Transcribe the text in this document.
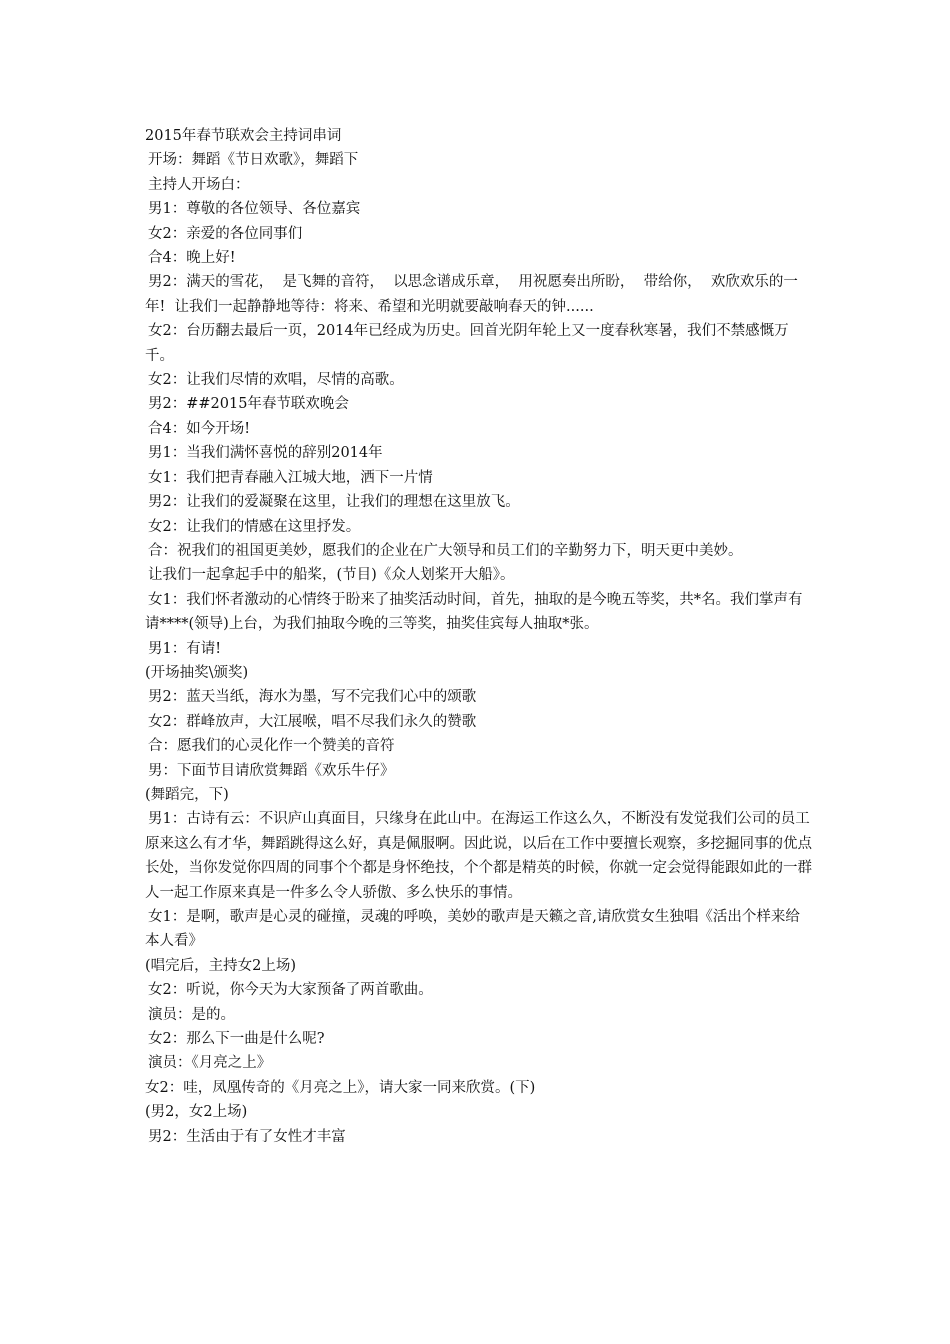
2015年春节联欢会主持词串词

开场：舞蹈《节日欢歌》，舞蹈下

主持人开场白：

男1：尊敬的各位领导、各位嘉宾

女2：亲爱的各位同事们

合4：晚上好!

男2：满天的雪花，  是飞舞的音符，  以思念谱成乐章，  用祝愿奏出所盼，  带给你，  欢欣欢乐的一年!  让我们一起静静地等待：将来、希望和光明就要敲响春天的钟......

女2：台历翻去最后一页，2014年已经成为历史。回首光阴年轮上又一度春秋寒暑，我们不禁感慨万千。

女2：让我们尽情的欢唱，尽情的高歌。

男2：##2015年春节联欢晚会

合4：如今开场!

男1：当我们满怀喜悦的辞别2014年

女1：我们把青春融入江城大地，洒下一片情

男2：让我们的爱凝聚在这里，让我们的理想在这里放飞。

女2：让我们的情感在这里抒发。

合：祝我们的祖国更美妙，愿我们的企业在广大领导和员工们的辛勤努力下，明天更中美妙。

让我们一起拿起手中的船桨，(节目)《众人划桨开大船》。

女1：我们怀者激动的心情终于盼来了抽奖活动时间，首先，抽取的是今晚五等奖，共*名。我们掌声有请****(领导)上台，为我们抽取今晚的三等奖，抽奖佳宾每人抽取*张。

男1：有请!

(开场抽奖\颁奖)

男2：蓝天当纸，海水为墨，写不完我们心中的颂歌

女2：群峰放声，大江展喉，唱不尽我们永久的赞歌

合：愿我们的心灵化作一个赞美的音符

男：下面节目请欣赏舞蹈《欢乐牛仔》

(舞蹈完，下)

男1：古诗有云：不识庐山真面目，只缘身在此山中。在海运工作这么久，不断没有发觉我们公司的员工原来这么有才华，舞蹈跳得这么好，真是佩服啊。因此说，以后在工作中要擅长观察，多挖掘同事的优点长处，当你发觉你四周的同事个个都是身怀绝技，个个都是精英的时候，你就一定会觉得能跟如此的一群人一起工作原来真是一件多么令人骄傲、多么快乐的事情。

女1：是啊，歌声是心灵的碰撞，灵魂的呼唤，美妙的歌声是天籁之音,请欣赏女生独唱《活出个样来给本人看》

(唱完后，主持女2上场)

女2：听说，你今天为大家预备了两首歌曲。

演员：是的。

女2：那么下一曲是什么呢?

演员：《月亮之上》

女2：哇，凤凰传奇的《月亮之上》，请大家一同来欣赏。(下)

(男2，女2上场)

男2：生活由于有了女性才丰富
